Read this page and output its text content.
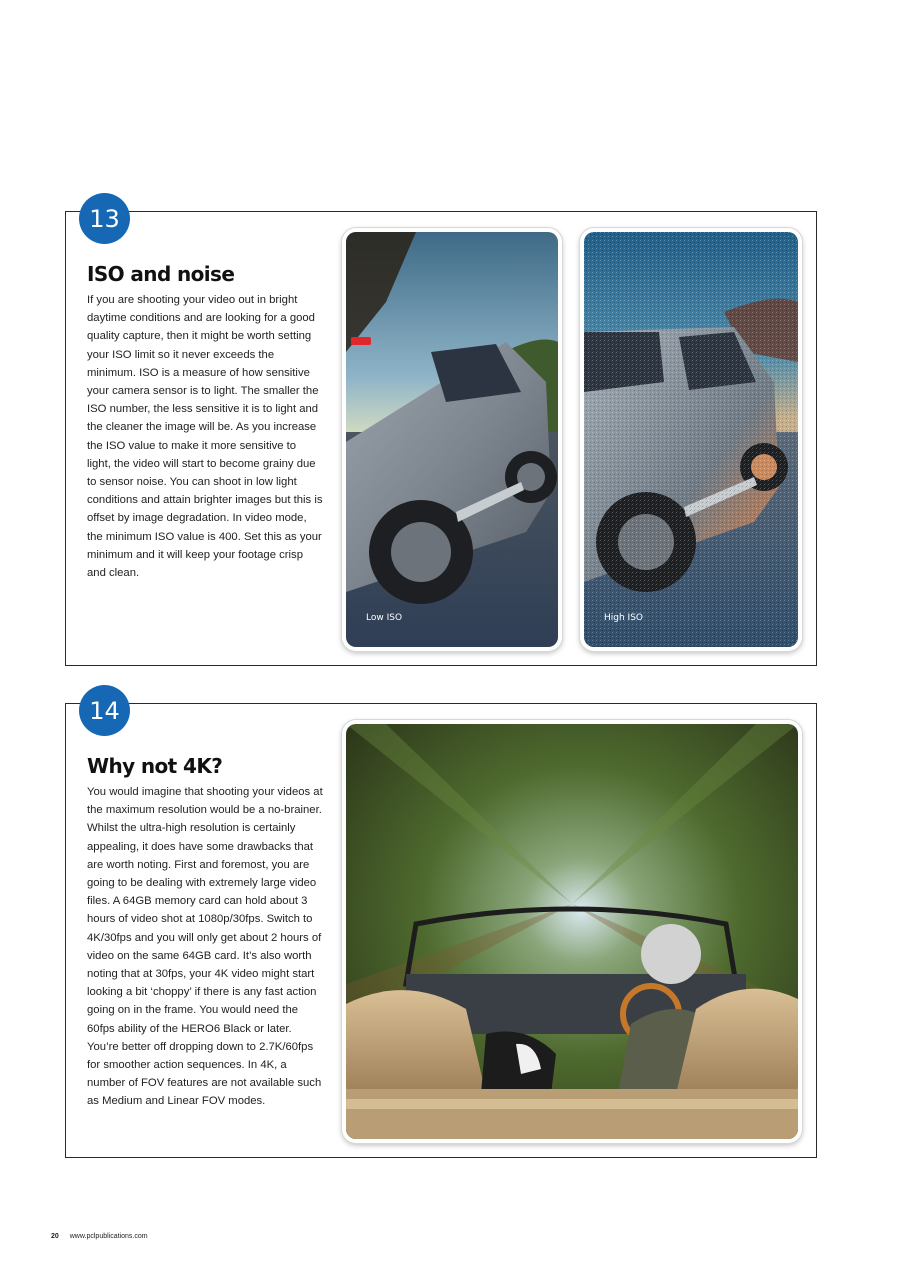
13
ISO and noise

If you are shooting your video out in bright daytime conditions and are looking for a good quality capture, then it might be worth setting your ISO limit so it never exceeds the minimum. ISO is a measure of how sensitive your camera sensor is to light. The smaller the ISO number, the less sensitive it is to light and the cleaner the image will be. As you increase the ISO value to make it more sensitive to light, the video will start to become grainy due to sensor noise. You can shoot in low light conditions and attain brighter images but this is offset by image degradation. In video mode, the minimum ISO value is 400. Set this as your minimum and it will keep your footage crisp and clean.

Low ISO	High ISO
14
Why not 4K?

You would imagine that shooting your videos at the maximum resolution would be a no-brainer. Whilst the ultra-high resolution is certainly appealing, it does have some drawbacks that are worth noting. First and foremost, you are going to be dealing with extremely large video files. A 64GB memory card can hold about 3 hours of video shot at 1080p/30fps. Switch to 4K/30fps and you will only get about 2 hours of video on the same 64GB card. It’s also worth noting that at 30fps, your 4K video might start looking a bit ‘choppy’ if there is any fast action going on in the frame. You would need the 60fps ability of the HERO6 Black or later. You’re better off dropping down to 2.7K/60fps for smoother action sequences. In 4K, a number of FOV features are not available such as Medium and Linear FOV modes.

20 www.pclpublications.com
